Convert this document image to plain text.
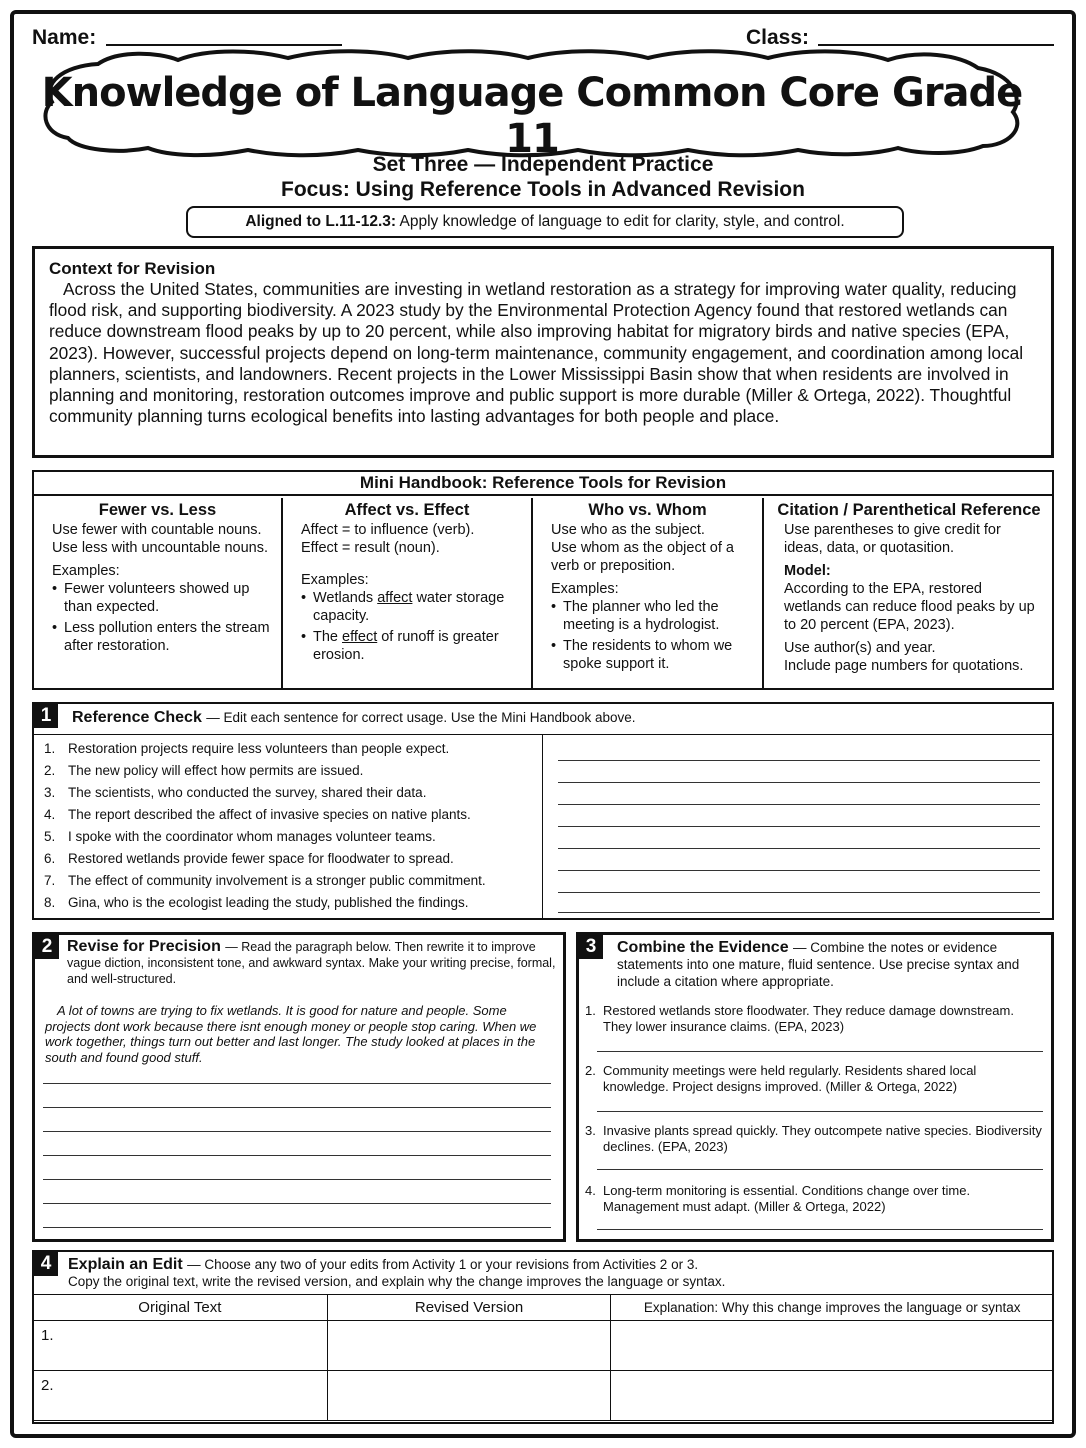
Name:	Class:
Knowledge of Language Common Core Grade 11
Set Three — Independent Practice
Focus: Using Reference Tools in Advanced Revision
Aligned to L.11-12.3: Apply knowledge of language to edit for clarity, style, and control.
Context for Revision
Across the United States, communities are investing in wetland restoration as a strategy for improving water quality, reducing flood risk, and supporting biodiversity. A 2023 study by the Environmental Protection Agency found that restored wetlands can reduce downstream flood peaks by up to 20 percent, while also improving habitat for migratory birds and native species (EPA, 2023). However, successful projects depend on long-term maintenance, community engagement, and coordination among local planners, scientists, and landowners. Recent projects in the Lower Mississippi Basin show that when residents are involved in planning and monitoring, restoration outcomes improve and public support is more durable (Miller & Ortega, 2022). Thoughtful community planning turns ecological benefits into lasting advantages for both people and place.
Mini Handbook: Reference Tools for Revision
Fewer vs. Less

Use fewer with countable nouns. Use less with uncountable nouns.

Examples:
• Fewer volunteers showed up than expected.
• Less pollution enters the stream after restoration.
Affect vs. Effect
Affect = to influence (verb).

Effect = result (noun).

Examples:
• Wetlands affect water storage capacity.
• The effect of runoff is greater erosion.
Who vs. Whom
Use who as the subject.

Use whom as the object of a verb or preposition.

Examples:
• The planner who led the meeting is a hydrologist.
• The residents to whom we spoke support it.
Citation / Parenthetical Reference

Use parentheses to give credit for ideas, data, or quotasition.

Model:

According to the EPA, restored wetlands can reduce flood peaks by up to 20 percent (EPA, 2023).

Use author(s) and year.
Include page numbers for quotations.
1	Reference Check — Edit each sentence for correct usage. Use the Mini Handbook above.
1. Restoration projects require less volunteers than people expect.
2. The new policy will effect how permits are issued.
3. The scientists, who conducted the survey, shared their data.
4. The report described the affect of invasive species on native plants.
5. I spoke with the coordinator whom manages volunteer teams.
6. Restored wetlands provide fewer space for floodwater to spread.
7. The effect of community involvement is a stronger public commitment.
8. Gina, who is the ecologist leading the study, published the findings.
2 Revise for Precision — Read the paragraph below. Then rewrite it to improve vague diction, inconsistent tone, and awkward syntax. Make your writing precise, formal, and well-structured.
A lot of towns are trying to fix wetlands. It is good for nature and people. Some projects dont work because there isnt enough money or people stop caring. When we work together, things turn out better and last longer. The study looked at places in the south and found good stuff.
3	Combine the Evidence — Combine the notes or evidence statements into one mature, fluid sentence. Use precise syntax and include a citation where appropriate.
1. Restored wetlands store floodwater. They reduce damage downstream. They lower insurance claims. (EPA, 2023)
2. Community meetings were held regularly. Residents shared local knowledge. Project designs improved. (Miller & Ortega, 2022)
3. Invasive plants spread quickly. They outcompete native species. Biodiversity declines. (EPA, 2023)
4. Long-term monitoring is essential. Conditions change over time. Management must adapt. (Miller & Ortega, 2022)
4	Explain an Edit — Choose any two of your edits from Activity 1 or your revisions from Activities 2 or 3.
Copy the original text, write the revised version, and explain why the change improves the language or syntax.
Original Text	Revised Version	Explanation: Why this change improves the language or syntax
1.		
2.		
